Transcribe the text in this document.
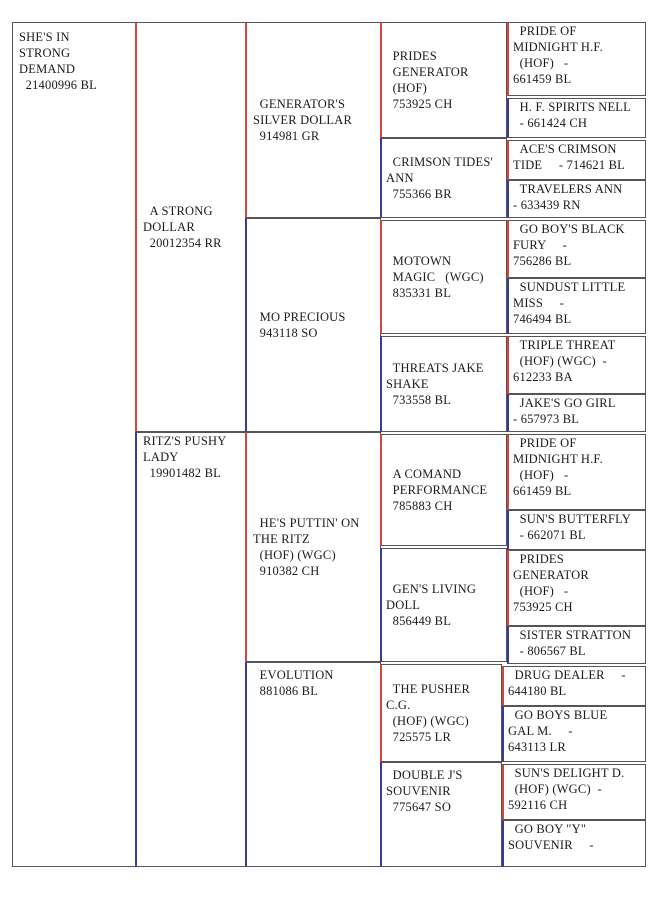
SHE'S IN
STRONG
DEMAND
21400996 BL
A STRONG
DOLLAR
20012354 RR
RITZ'S PUSHY
LADY
19901482 BL
GENERATOR'S
SILVER DOLLAR
914981 GR
MO PRECIOUS
943118 SO
HE'S PUTTIN' ON
THE RITZ
(HOF) (WGC)
910382 CH
EVOLUTION
881086 BL
PRIDES
GENERATOR
(HOF)
753925 CH
CRIMSON TIDES'
ANN
755366 BR
MOTOWN
MAGIC   (WGC)
835331 BL
THREATS JAKE
SHAKE
733558 BL
A COMAND
PERFORMANCE
785883 CH
GEN'S LIVING
DOLL
856449 BL
THE PUSHER C.G.
(HOF) (WGC)
725575 LR
DOUBLE J'S
SOUVENIR
775647 SO
PRIDE OF
MIDNIGHT H.F.
(HOF)   -
661459 BL
H. F. SPIRITS NELL
- 661424 CH
ACE'S CRIMSON
TIDE     - 714621 BL
TRAVELERS ANN
- 633439 RN
GO BOY'S BLACK
FURY     -
756286 BL
SUNDUST LITTLE
MISS     -
746494 BL
TRIPLE THREAT
(HOF) (WGC)  -
612233 BA
JAKE'S GO GIRL
- 657973 BL
PRIDE OF
MIDNIGHT H.F.
(HOF)   -
661459 BL
SUN'S BUTTERFLY
- 662071 BL
PRIDES
GENERATOR
(HOF)   -
753925 CH
SISTER STRATTON
- 806567 BL
DRUG DEALER     -
644180 BL
GO BOYS BLUE
GAL M.     -
643113 LR
SUN'S DELIGHT D.
(HOF) (WGC)  -
592116 CH
GO BOY "Y"
SOUVENIR     -
